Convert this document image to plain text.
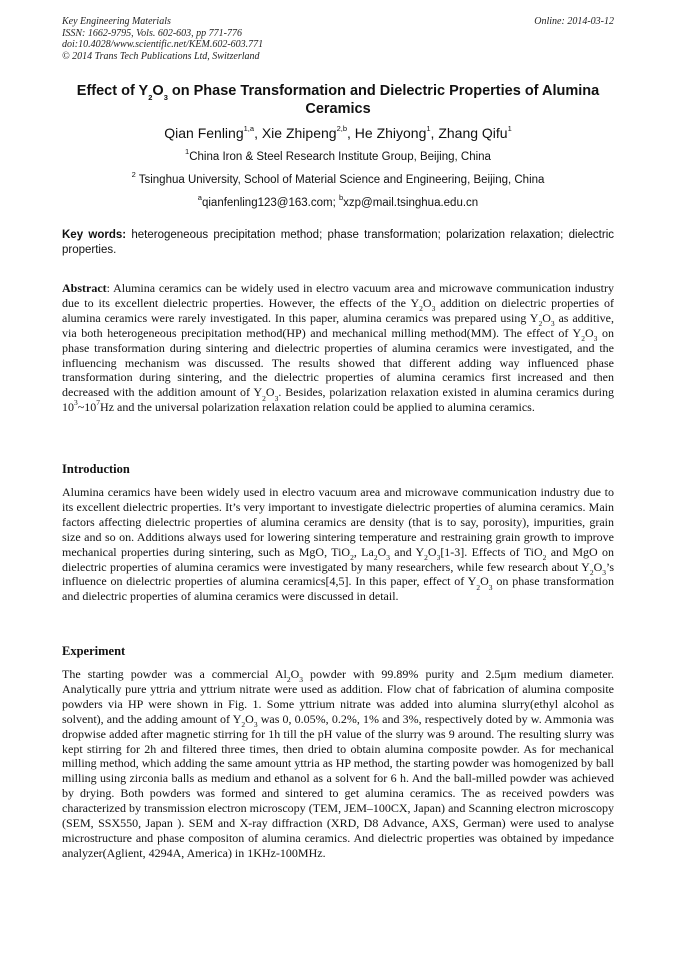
Key Engineering Materials
ISSN: 1662-9795, Vols. 602-603, pp 771-776
doi:10.4028/www.scientific.net/KEM.602-603.771
© 2014 Trans Tech Publications Ltd, Switzerland
Online: 2014-03-12
Effect of $Y_2O_3$ on Phase Transformation and Dielectric Properties of Alumina Ceramics
Qian Fenling$^{1,a}$, Xie Zhipeng$^{2,b}$, He Zhiyong$^1$, Zhang Qifu$^1$
$^1$China Iron & Steel Research Institute Group, Beijing, China
$^2$ Tsinghua University, School of Material Science and Engineering, Beijing, China
$^a$qianfenling123@163.com; $^b$xzp@mail.tsinghua.edu.cn
Key words: heterogeneous precipitation method; phase transformation; polarization relaxation; dielectric properties.
Abstract: Alumina ceramics can be widely used in electro vacuum area and microwave communication industry due to its excellent dielectric properties. However, the effects of the $Y_2O_3$ addition on dielectric properties of alumina ceramics were rarely investigated. In this paper, alumina ceramics was prepared using $Y_2O_3$ as additive, via both heterogeneous precipitation method(HP) and mechanical milling method(MM). The effect of $Y_2O_3$ on phase transformation during sintering and dielectric properties of alumina ceramics were investigated, and the influencing mechanism was discussed. The results showed that different adding way influenced phase transformation during sintering, and the dielectric properties of alumina ceramics first increased and then decreased with the addition amount of $Y_2O_3$. Besides, polarization relaxation existed in alumina ceramics during $10^3\sim 10^7Hz$ and the universal polarization relaxation relation could be applied to alumina ceramics.
Introduction
Alumina ceramics have been widely used in electro vacuum area and microwave communication industry due to its excellent dielectric properties. It’s very important to investigate dielectric properties of alumina ceramics. Main factors affecting dielectric properties of alumina ceramics are density (that is to say, porosity), impurities, grain size and so on. Additions always used for lowering sintering temperature and restraining grain growth to improve mechanical properties during sintering, such as MgO, TiO$_2$, $La_2O_3$ and $Y_2O_3[1-3]$. Effects of TiO$_2$ and MgO on dielectric properties of alumina ceramics were investigated by many researchers, while few research about $Y_2O_3’s$ influence on dielectric properties of alumina ceramics[4,5]. In this paper, effect of $Y_2O_3$ on phase transformation and dielectric properties of alumina ceramics were discussed in detail.
Experiment
The starting powder was a commercial $Al_2O_3$ powder with 99.89% purity and 2.5μm medium diameter. Analytically pure yttria and yttrium nitrate were used as addition. Flow chat of fabrication of alumina composite powders via HP were shown in Fig. 1. Some yttrium nitrate was added into alumina slurry(ethyl alcohol as solvent), and the adding amount of $Y_2O_3$ was 0, 0.05%, 0.2%, 1% and 3%, respectively doted by w. Ammonia was dropwise added after magnetic stirring for 1h till the pH value of the slurry was 9 around. The resulting slurry was kept stirring for 2h and filtered three times, then dried to obtain alumina composite powder. As for mechanical milling method, which adding the same amount yttria as HP method, the starting powder was homogenized by ball milling using zirconia balls as medium and ethanol as a solvent for 6 h. And the ball-milled powder was achieved by drying. Both powders was formed and sintered to get alumina ceramics. The as received powders was characterized by transmission electron microscopy (TEM, JEM–100CX, Japan) and Scanning electron microscopy (SEM, SSX550, Japan ). SEM and X-ray diffraction (XRD, D8 Advance, AXS, German) were used to analyse microstructure and phase compositon of alumina ceramics. And dielectric properties was obtained by impedance analyzer(Aglient, 4294A, America) in 1KHz-100MHz.
